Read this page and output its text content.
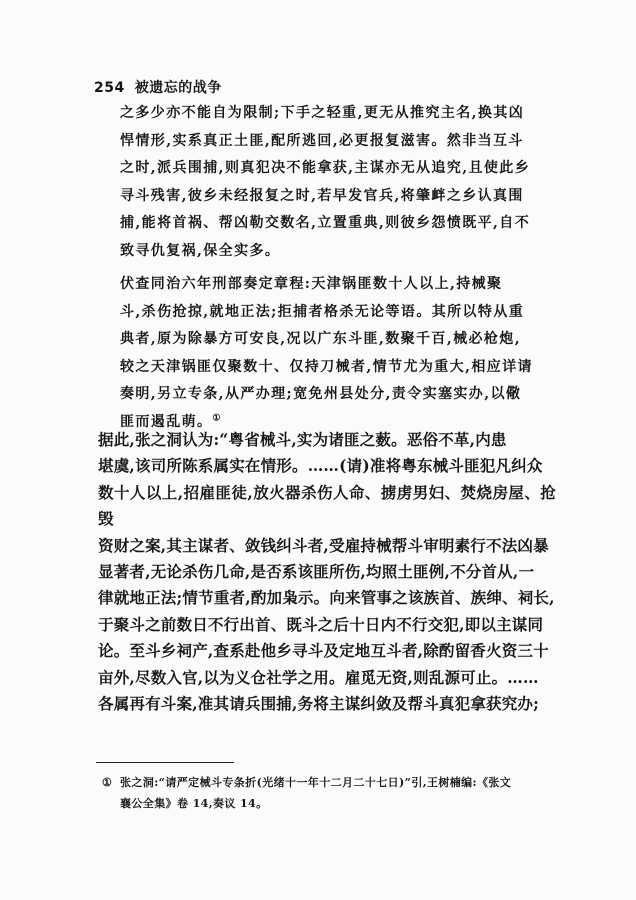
254 被遗忘的战争

之多少亦不能自为限制;下手之轻重,更无从推究主名,换其凶
悍情形,实系真正土匪,配所逃回,必更报复滋害。然非当互斗
之时,派兵围捕,则真犯决不能拿获,主谋亦无从追究,且使此乡
寻斗残害,彼乡未经报复之时,若早发官兵,将肇衅之乡认真围
捕,能将首祸、帮凶勒交数名,立置重典,则彼乡怨愤既平,自不
致寻仇复祸,保全实多。

伏查同治六年刑部奏定章程:天津锅匪数十人以上,持械聚
斗,杀伤抢掠,就地正法;拒捕者格杀无论等语。其所以特从重
典者,原为除暴方可安良,况以广东斗匪,数聚千百,械必枪炮,
较之天津锅匪仅聚数十、仅持刀械者,情节尤为重大,相应详请
奏明,另立专条,从严办理;宽免州县处分,责令实塞实办,以儆
匪而遏乱萌。①

据此,张之洞认为:“粤省械斗,实为诸匪之薮。恶俗不革,内患
堪虞,该司所陈系属实在情形。……(请)准将粤东械斗匪犯凡纠众
数十人以上,招雇匪徒,放火器杀伤人命、掳虏男妇、焚烧房屋、抢毁
资财之案,其主谋者、敛钱纠斗者,受雇持械帮斗审明素行不法凶暴
显著者,无论杀伤几命,是否系该匪所伤,均照土匪例,不分首从,一
律就地正法;情节重者,酌加枭示。向来管事之该族首、族绅、祠长,
于聚斗之前数日不行出首、既斗之后十日内不行交犯,即以主谋同
论。至斗乡祠产,查系赴他乡寻斗及定地互斗者,除酌留香火资三十
亩外,尽数入官,以为义仓社学之用。雇觅无资,则乱源可止。……
各属再有斗案,准其请兵围捕,务将主谋纠敛及帮斗真犯拿获究办;

① 张之洞:“请严定械斗专条折(光绪十一年十二月二十七日)”引,王树楠编:《张文
襄公全集》卷 14,奏议 14。
